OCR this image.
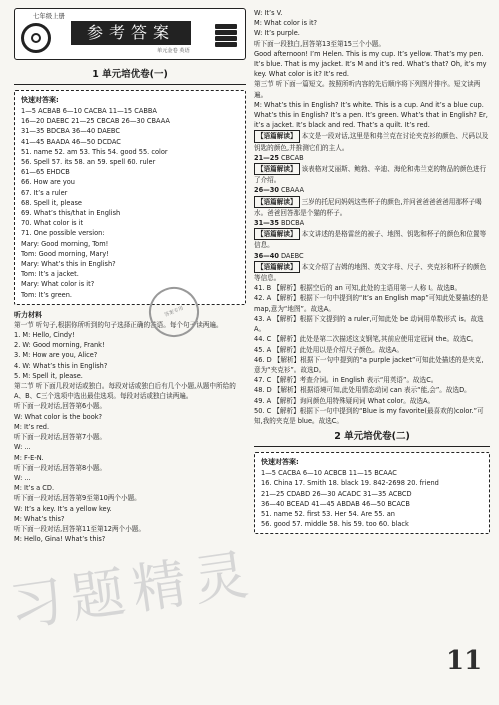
七年级上册
参考答案
单元金卷 英语
1 单元培优卷(一)
快速对答案:
1—5 ACBAB 6—10 CACBA 11—15 CABBA
16—20 DAEBC 21—25 CBCAB 26—30 CBAAA
31—35 BDCBA 36—40 DAEBC
41—45 BAADA 46—50 DCDAC
51. name 52. am 53. This 54. good 55. color
56. Spell 57. its 58. an 59. spell 60. ruler
61—65 EHDCB
66. How are you
67. It’s a ruler
68. Spell it, please
69. What’s this/that in English
70. What color is it
71. One possible version:
Mary: Good morning, Tom!
Tom: Good morning, Mary!
Mary: What’s this in English?
Tom: It’s a jacket.
Mary: What color is it?
Tom: It’s green.
听力材料
第一节 听句子,根据你所听到的句子选择正确的答语。每个句子读两遍。
1. M: Hello, Cindy!
2. W: Good morning, Frank!
3. M: How are you, Alice?
4. W: What’s this in English?
5. M: Spell it, please.
第二节 听下面几段对话或独白。每段对话或独白后有几个小题,从题中所给的A、B、C三个选项中选出最佳选项。每段对话或独白读两遍。
听下面一段对话,回答第6小题。
W: What color is the book?
M: It’s red.
听下面一段对话,回答第7小题。
W: ...
M: F-E-N.
听下面一段对话,回答第8小题。
W: ...
M: It’s a CD.
听下面一段对话,回答第9至第10两个小题。
W: It’s a key. It’s a yellow key.
M: What’s this?
听下面一段对话,回答第11至第12两个小题。
M: Hello, Gina! What’s this?
W: It’s V.
M: What color is it?
W: It’s purple.
听下面一段独白,回答第13至第15三个小题。
Good afternoon! I’m Helen. This is my cup. It’s yellow. That’s my pen. It’s blue. That is my jacket. It’s M and it’s red. What’s that? Oh, it’s my key. What color is it? It’s red.
第三节 听下面一篇短文。按照所听内容的先后顺序将下列图片排序。短文读两遍。
M: What’s this in English? It’s white. This is a cup. And it’s a blue cup. What’s this in English? It’s a pen. It’s green. What’s that in English? Er, it’s a jacket. It’s black and red. That’s a quilt. It’s red.
【语篇解读】 本文是一段对话,这里是和弗兰克在讨论夹克衫的颜色、尺码以及钥匙的颜色,并推测它们的主人。
21—25 CBCAB
【语篇解读】 该表格对艾丽斯、鲍勃、辛迪、海伦和弗兰克的物品的颜色进行了介绍。
26—30 CBAAA
【语篇解读】 三岁的托尼问妈妈这些杯子的颜色,并问爸爸爸爸爸用那杯子喝水。爸爸回答那是个猫的杯子。
31—35 BDCBA
【语篇解读】 本文讲述的是格雷丝的被子、地图、钥匙和杯子的颜色和位置等信息。
36—40 DAEBC
【语篇解读】 本文介绍了吉姆的地图、英文字母、尺子、夹克衫和杯子的颜色等信息。
41. B 【解析】根据空后的 an 可知,此处的主语用第一人称 I。故选B。
42. A 【解析】根据下一句中提到的“It’s an English map”可知此处要描述的是 map,意为“地图”。故选A。
43. A 【解析】根据下文提到的 a ruler,可知此处 be 动词用单数形式 is。故选A。
44. C 【解析】此处是第二次描述这支钢笔,其前应使用定冠词 the。故选C。
45. A 【解析】此处用以是介绍尺子颜色。故选A。
46. D 【解析】根据下一句中提到的“a purple jacket”可知此处描述的是夹克,意为“夹克衫”。故选D。
47. C 【解析】考查介词。in English 表示“用英语”。故选C。
48. D 【解析】根据语境可知,此处用情态动词 can 表示“能,会”。故选D。
49. A 【解析】询问颜色用特殊疑问词 What color。故选A。
50. C 【解析】根据下一句中提到的“Blue is my favorite(最喜欢的)color.”可知,我的夹克是 blue。故选C。
2 单元培优卷(二)
快速对答案:
1—5 CACBA 6—10 ACBCB 11—15 BCAAC
16. China 17. Smith 18. black 19. 842-2698 20. friend
21—25 CDABD 26—30 ACADC 31—35 ACBCD
36—40 BCEAD 41—45 ABDAB 46—50 BCACB
51. name 52. first 53. Her 54. Are 55. an
56. good 57. middle 58. his 59. too 60. black
答案专用
习题精灵
11
